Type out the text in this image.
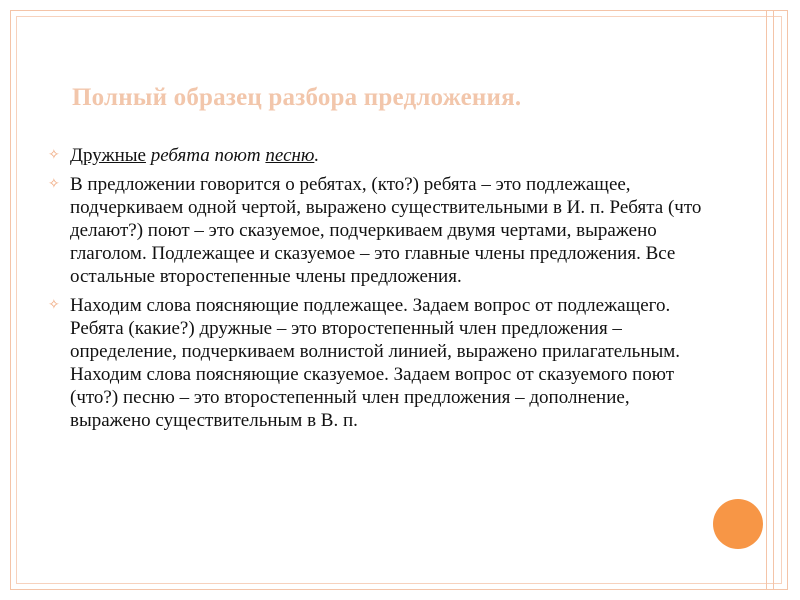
Полный образец разбора предложения.

✧ Дружные ребята поют песню.

✧ В предложении говорится о ребятах, (кто?) ребята – это подлежащее, подчеркиваем одной чертой, выражено существительными в И. п. Ребята (что делают?) поют – это сказуемое, подчеркиваем двумя чертами, выражено глаголом. Подлежащее и сказуемое – это главные члены предложения. Все остальные второстепенные члены предложения.

✧ Находим слова поясняющие подлежащее. Задаем вопрос от подлежащего. Ребята (какие?) дружные – это второстепенный член предложения – определение, подчеркиваем волнистой линией, выражено прилагательным. Находим слова поясняющие сказуемое. Задаем вопрос от сказуемого поют (что?) песню – это второстепенный член предложения – дополнение, выражено существительным в В. п.
